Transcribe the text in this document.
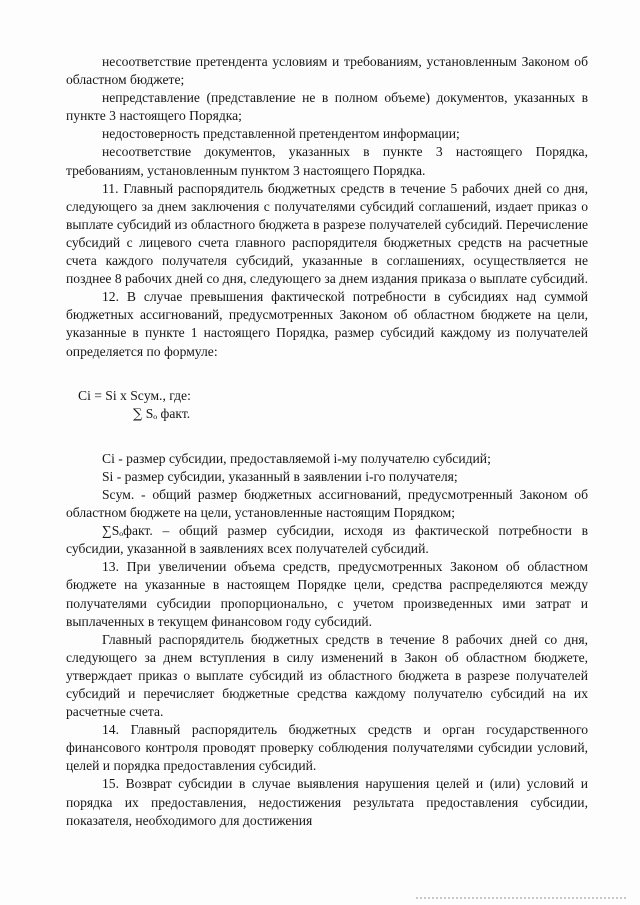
несоответствие претендента условиям и требованиям, установленным Законом об областном бюджете;

непредставление (представление не в полном объеме) документов, указанных в пункте 3 настоящего Порядка;

недостоверность представленной претендентом информации;

несоответствие документов, указанных в пункте 3 настоящего Порядка, требованиям, установленным пунктом 3 настоящего Порядка.

11. Главный распорядитель бюджетных средств в течение 5 рабочих дней со дня, следующего за днем заключения с получателями субсидий соглашений, издает приказ о выплате субсидий из областного бюджета в разрезе получателей субсидий. Перечисление субсидий с лицевого счета главного распорядителя бюджетных средств на расчетные счета каждого получателя субсидий, указанные в соглашениях, осуществляется не позднее 8 рабочих дней со дня, следующего за днем издания приказа о выплате субсидий.

12. В случае превышения фактической потребности в субсидиях над суммой бюджетных ассигнований, предусмотренных Законом об областном бюджете на цели, указанные в пункте 1 настоящего Порядка, размер субсидий каждому из получателей определяется по формуле:

Ci = Si x Scум., где:

∑ Sₒ факт.

Ci - размер субсидии, предоставляемой i-му получателю субсидий;

Si - размер субсидии, указанный в заявлении i-го получателя;

Scум. - общий размер бюджетных ассигнований, предусмотренный Законом об областном бюджете на цели, установленные настоящим Порядком;

∑Sₒфакт. – общий размер субсидии, исходя из фактической потребности в субсидии, указанной в заявлениях всех получателей субсидий.

13. При увеличении объема средств, предусмотренных Законом об областном бюджете на указанные в настоящем Порядке цели, средства распределяются между получателями субсидии пропорционально, с учетом произведенных ими затрат и выплаченных в текущем финансовом году субсидий.

Главный распорядитель бюджетных средств в течение 8 рабочих дней со дня, следующего за днем вступления в силу изменений в Закон об областном бюджете, утверждает приказ о выплате субсидий из областного бюджета в разрезе получателей субсидий и перечисляет бюджетные средства каждому получателю субсидий на их расчетные счета.

14. Главный распорядитель бюджетных средств и орган государственного финансового контроля проводят проверку соблюдения получателями субсидии условий, целей и порядка предоставления субсидий.

15. Возврат субсидии в случае выявления нарушения целей и (или) условий и порядка их предоставления, недостижения результата предоставления субсидии, показателя, необходимого для достижения
